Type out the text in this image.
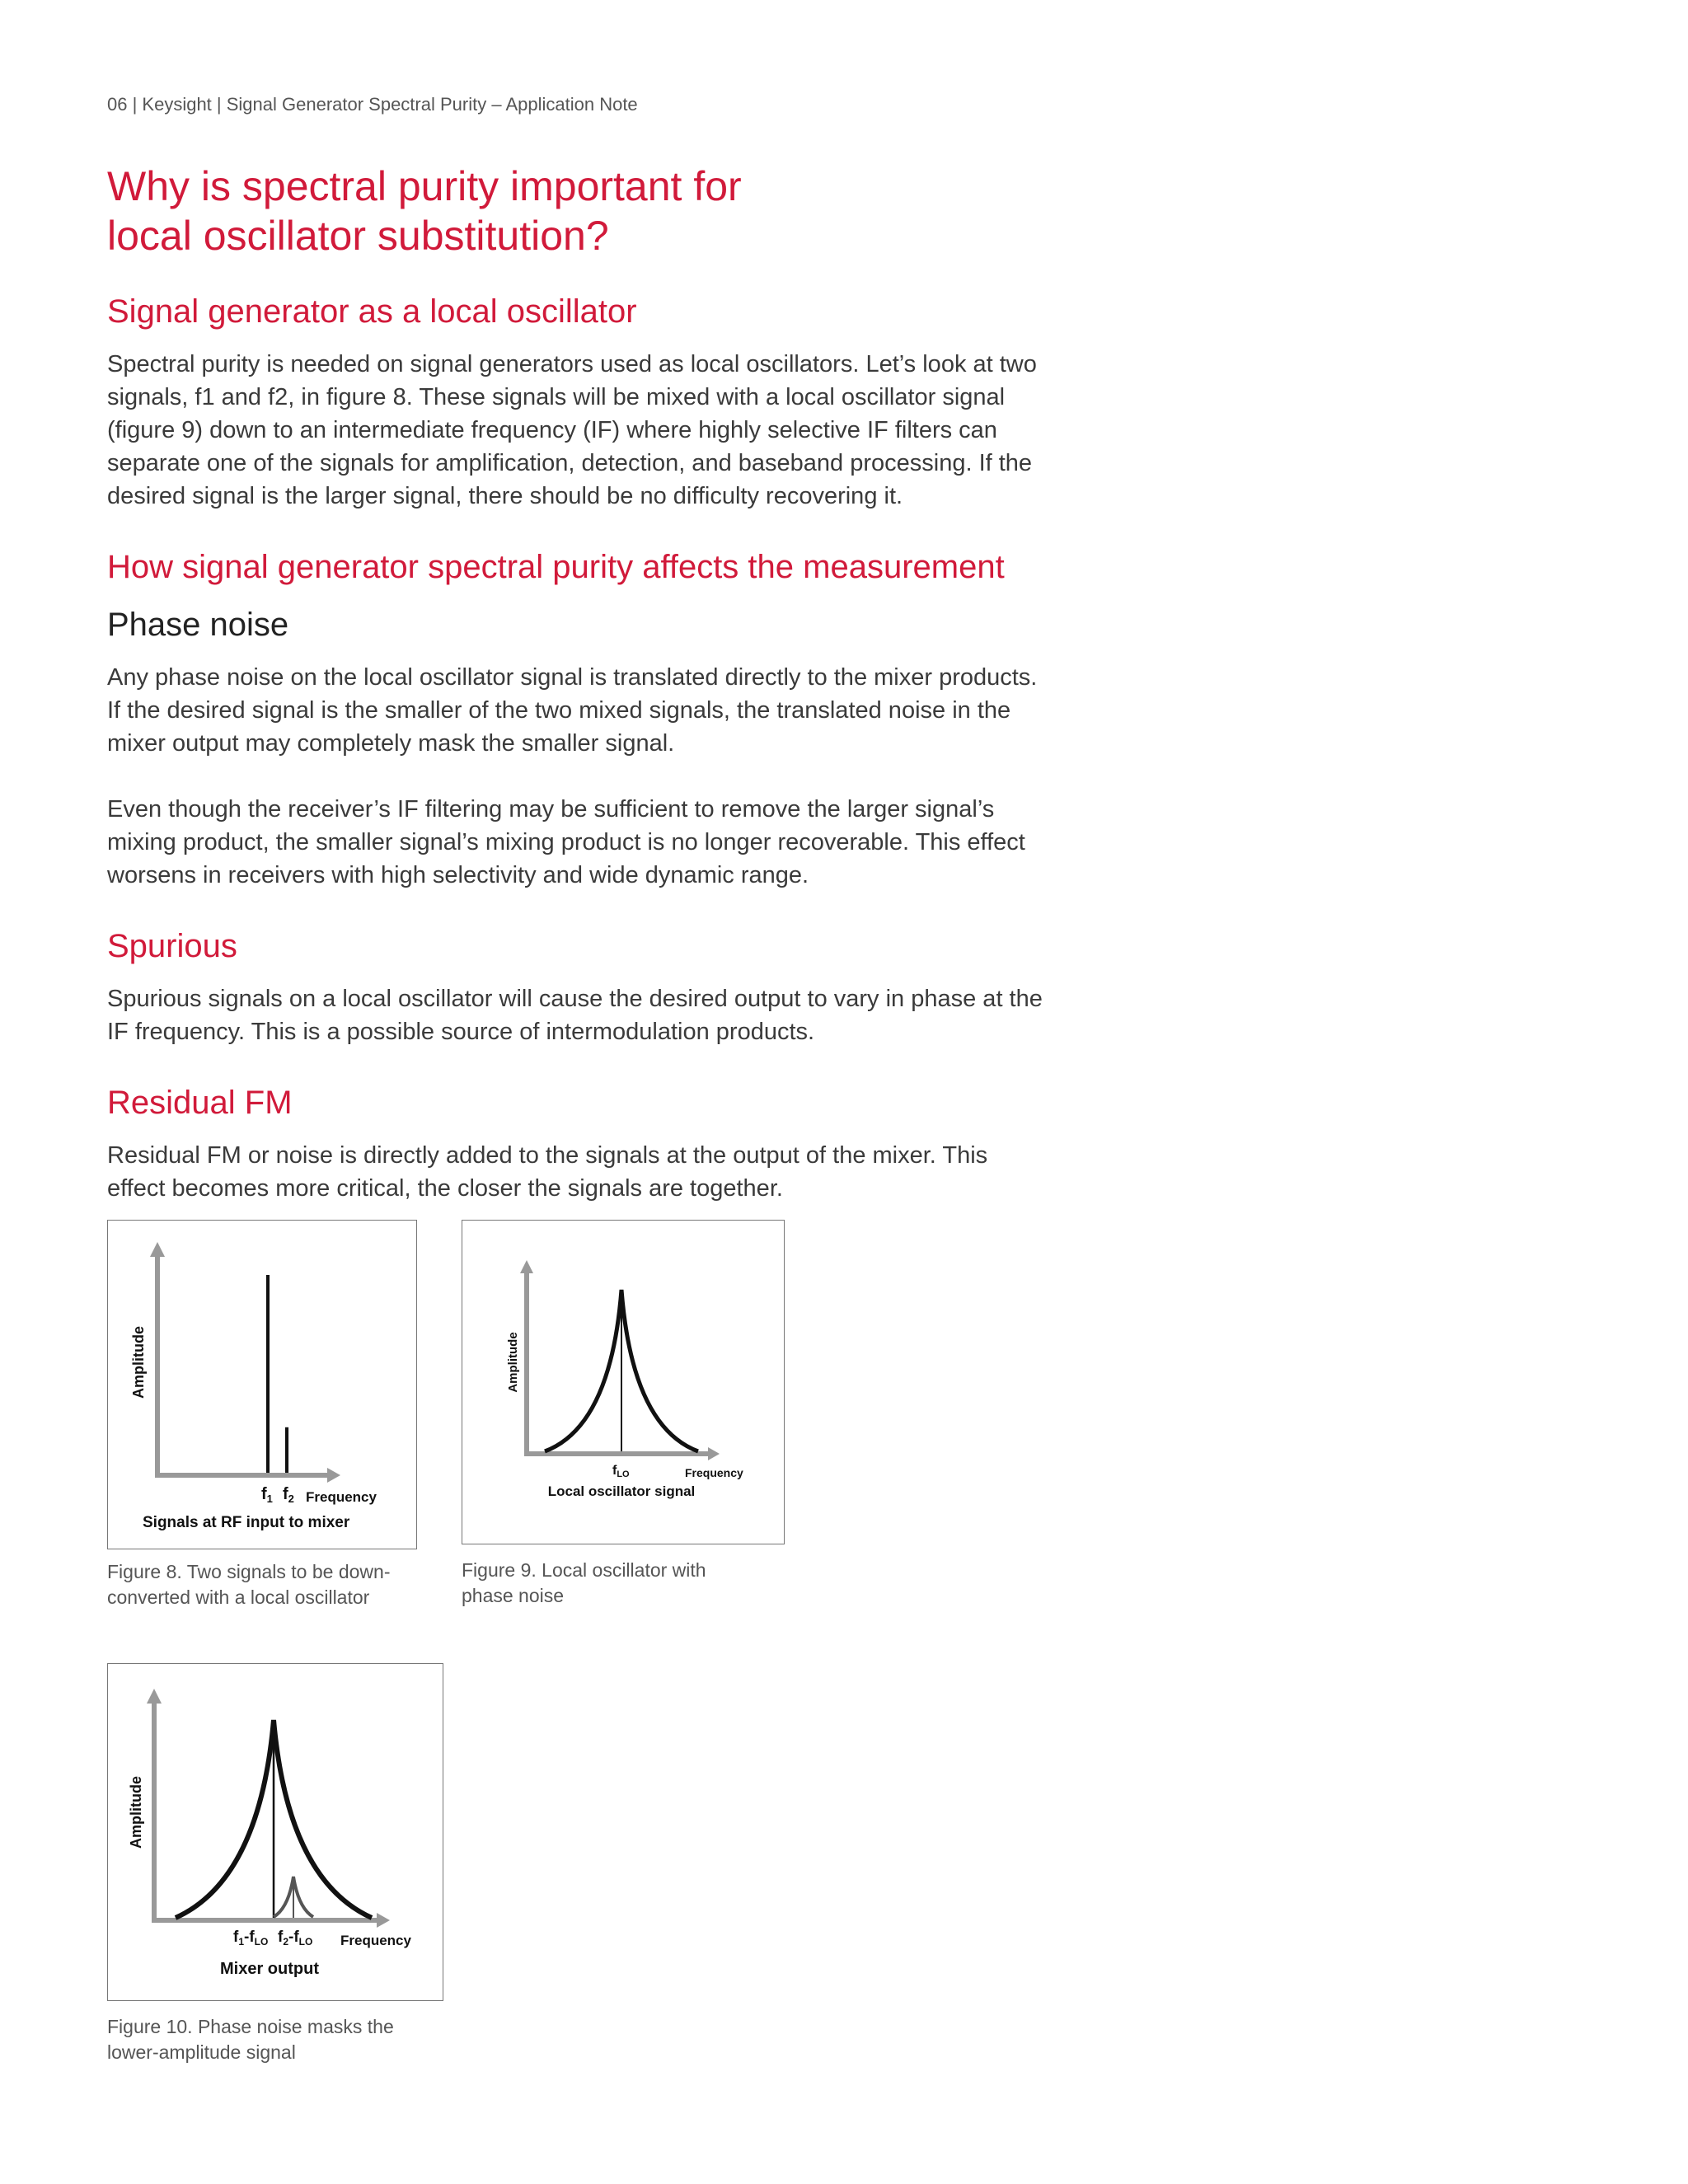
06 | Keysight | Signal Generator Spectral Purity – Application Note
Why is spectral purity important for
local oscillator substitution?
Signal generator as a local oscillator
Spectral purity is needed on signal generators used as local oscillators. Let’s look at two
signals, f1 and f2, in figure 8. These signals will be mixed with a local oscillator signal
(figure 9) down to an intermediate frequency (IF) where highly selective IF filters can
separate one of the signals for amplification, detection, and baseband processing. If the
desired signal is the larger signal, there should be no difficulty recovering it.
How signal generator spectral purity affects the measurement
Phase noise
Any phase noise on the local oscillator signal is translated directly to the mixer products.
If the desired signal is the smaller of the two mixed signals, the translated noise in the
mixer output may completely mask the smaller signal.
Even though the receiver’s IF filtering may be sufficient to remove the larger signal’s
mixing product, the smaller signal’s mixing product is no longer recoverable. This effect
worsens in receivers with high selectivity and wide dynamic range.
Spurious
Spurious signals on a local oscillator will cause the desired output to vary in phase at the
IF frequency. This is a possible source of intermodulation products.
Residual FM
Residual FM or noise is directly added to the signals at the output of the mixer. This
effect becomes more critical, the closer the signals are together.
Amplitude
$f_1$ $f_2$ Frequency
Signals at RF input to mixer
Figure 8. Two signals to be down-
converted with a local oscillator
Amplitude
fLO	Frequency
Local oscillator signal
Figure 9. Local oscillator with
phase noise
Amplitude
$f_1-f_{LO}$ $f_2-f_{LO}$ Frequency
Mixer output
Figure 10. Phase noise masks the
lower-amplitude signal
